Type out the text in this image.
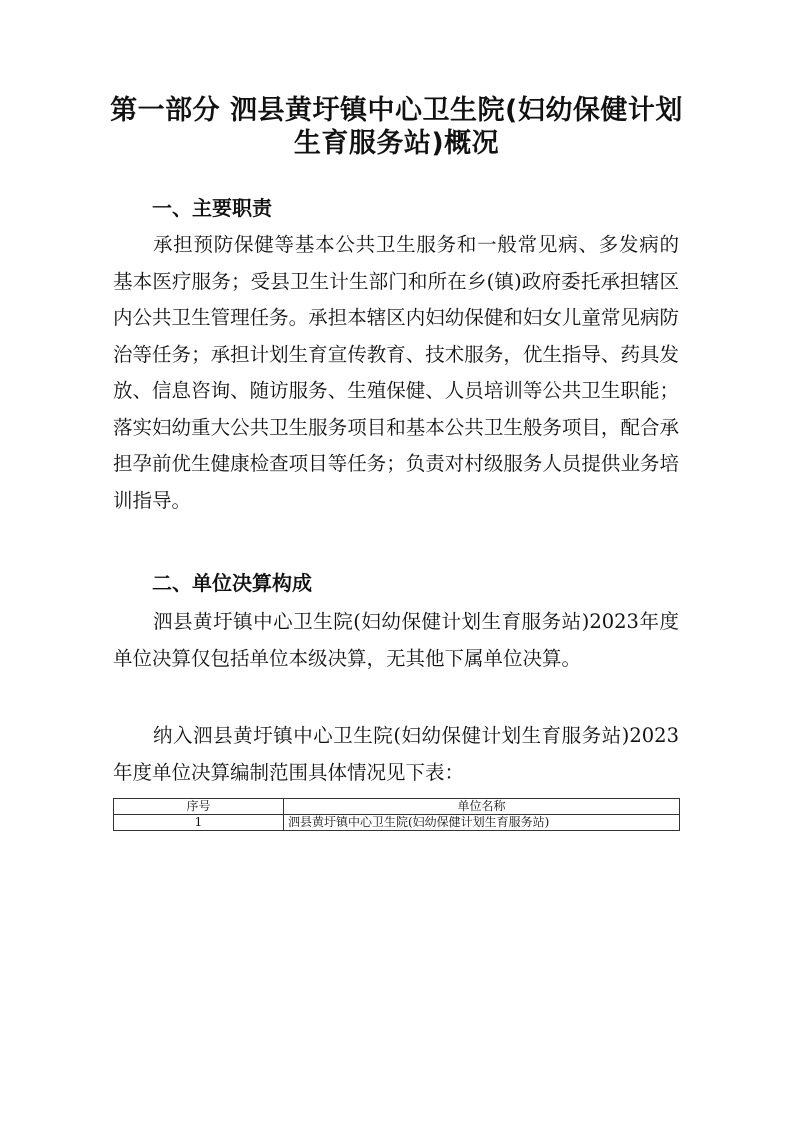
第一部分 泗县黄圩镇中心卫生院(妇幼保健计划生育服务站)概况
一、主要职责

承担预防保健等基本公共卫生服务和一般常见病、多发病的基本医疗服务；受县卫生计生部门和所在乡(镇)政府委托承担辖区内公共卫生管理任务。承担本辖区内妇幼保健和妇女儿童常见病防治等任务；承担计划生育宣传教育、技术服务，优生指导、药具发放、信息咨询、随访服务、生殖保健、人员培训等公共卫生职能；落实妇幼重大公共卫生服务项目和基本公共卫生般务项目，配合承担孕前优生健康检查项目等任务；负责对村级服务人员提供业务培训指导。

二、单位决算构成

泗县黄圩镇中心卫生院(妇幼保健计划生育服务站)2023年度单位决算仅包括单位本级决算，无其他下属单位决算。

纳入泗县黄圩镇中心卫生院(妇幼保健计划生育服务站)2023年度单位决算编制范围具体情况见下表：

序号	单位名称
1	泗县黄圩镇中心卫生院(妇幼保健计划生育服务站)
